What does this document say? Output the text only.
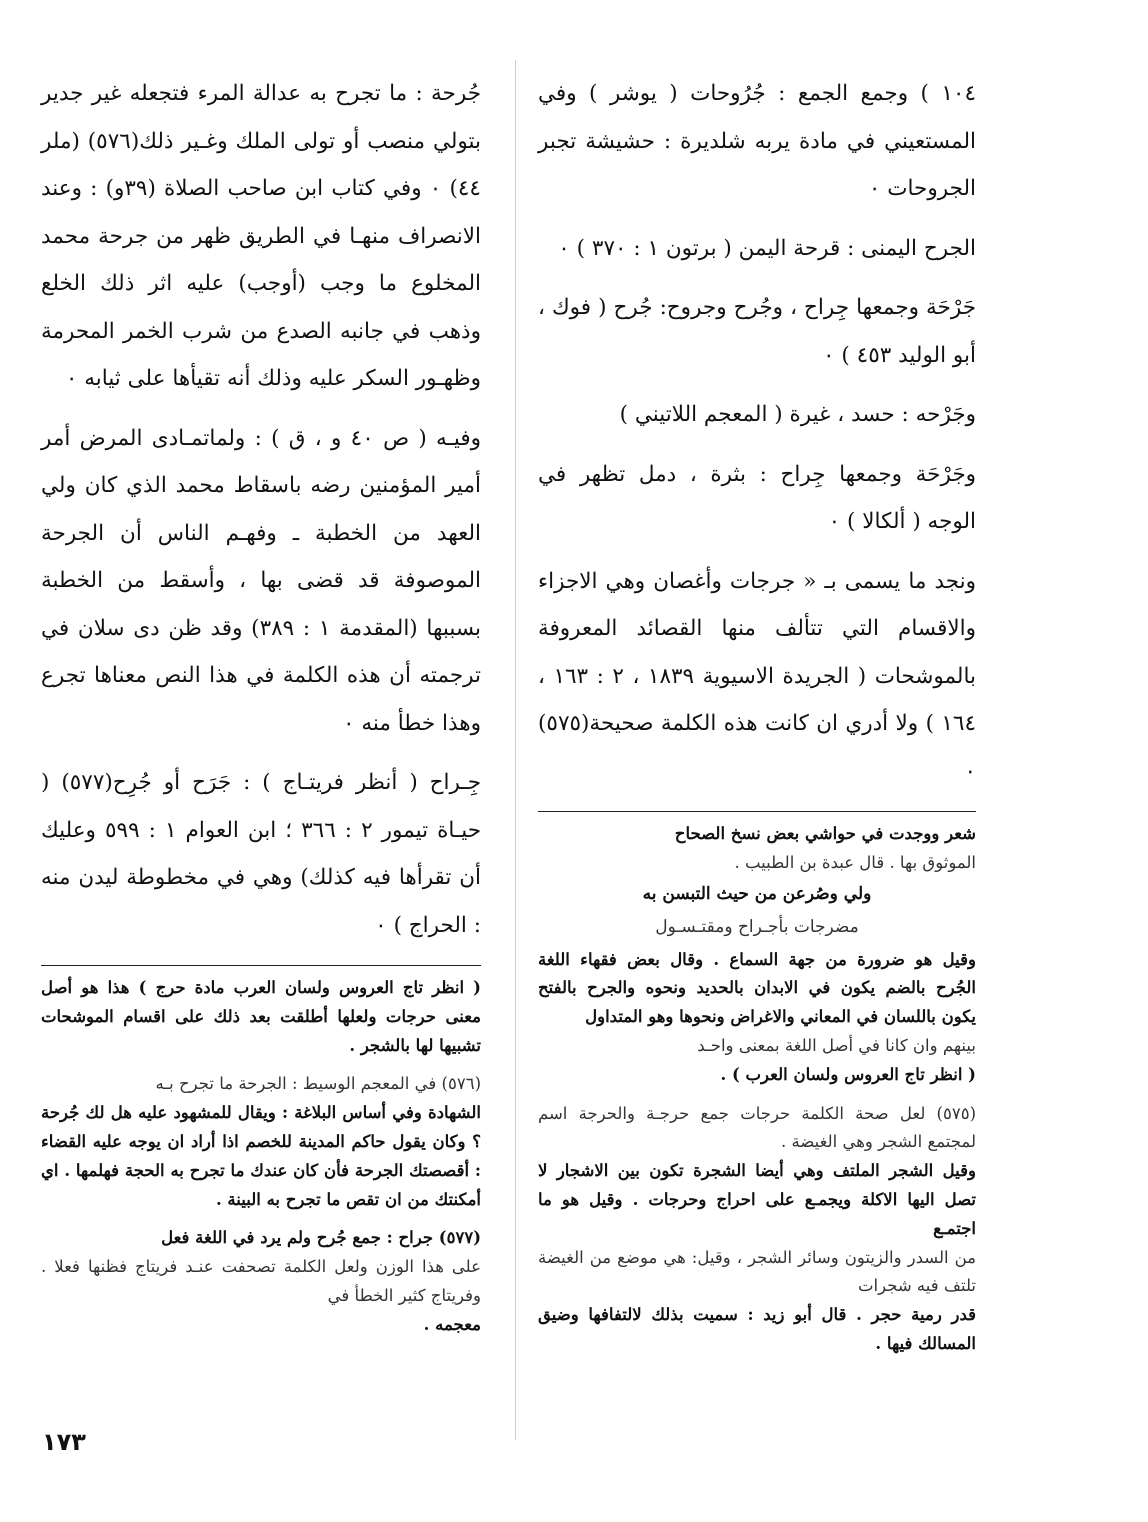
١٠٤ ) وجمع الجمع : جُرُوحات ( يوشر ) وفي المستعيني في مادة يربه شلديرة : حشيشة تجبر الجروحات ٠

الجرح اليمنى : قرحة اليمن ( برتون ١ : ٣٧٠ ) ٠

جَرْحَة وجمعها جِراح ، وجُرح وجروح: جُرح ( فوك ، أبو الوليد ٤٥٣ ) ٠

وجَرْحه : حسد ، غيرة ( المعجم اللاتيني )

وجَرْحَة وجمعها جِراح : بثرة ، دمل تظهر في الوجه ( ألكالا ) ٠

ونجد ما يسمى بـ « جرجات وأغصان وهي الاجزاء والاقسام التي تتألف منها القصائد المعروفة بالموشحات ( الجريدة الاسيوية ١٨٣٩ ، ٢ : ١٦٣ ، ١٦٤ ) ولا أدري ان كانت هذه الكلمة صحيحة(٥٧٥) ٠

شعر ووجدت في حواشي بعض نسخ الصحاح

الموثوق بها . قال عبدة بن الطبيب .

ولي وصُرعن من حيث التبسن به

مضرجات بأجـراح ومقتـسـول

وقيل هو ضرورة من جهة السماع . وقال بعض فقهاء اللغة الجُرح بالضم يكون في الابدان بالحديد ونحوه والجرح بالفتح يكون باللسان في المعاني والاغراض ونحوها وهو المتداول

بينهم وان كانا في أصل اللغة بمعنى واحـد

( انظر تاج العروس ولسان العرب ) .

(٥٧٥) لعل صحة الكلمة حرجات جمع حرجـة والحرجة اسم لمجتمع الشجر وهي الغيضة .

وقيل الشجر الملتف وهي أيضا الشجرة تكون بين الاشجار لا تصل اليها الاكلة ويجمـع على احراج وحرجات . وقيل هو ما اجتمـع

من السدر والزيتون وسائر الشجر ، وقيل: هي موضع من الغيضة تلتف فيه شجرات

قدر رمية حجر . قال أبو زيد : سميت بذلك لالتفافها وضيق المسالك فيها .

جُرحة : ما تجرح به عدالة المرء فتجعله غير جدير بتولي منصب أو تولى الملك وغـير ذلك(٥٧٦) (ملر ٤٤) ٠ وفي كتاب ابن صاحب الصلاة (٣٩و) : وعند الانصراف منهـا في الطريق ظهر من جرحة محمد المخلوع ما وجب (أوجب) عليه اثر ذلك الخلع وذهب في جانبه الصدع من شرب الخمر المحرمة وظهـور السكر عليه وذلك أنه تقيأها على ثيابه ٠

وفيـه ( ص ٤٠ و ، ق ) : ولماتمـادى المرض أمر أمير المؤمنين رضه باسقاط محمد الذي كان ولي العهد من الخطبة ـ وفهـم الناس أن الجرحة الموصوفة قد قضى بها ، وأسقط من الخطبة بسببها (المقدمة ١ : ٣٨٩) وقد ظن دى سلان في ترجمته أن هذه الكلمة في هذا النص معناها تجرع وهذا خطأ منه ٠

جِـراح ( أنظر فريتـاج ) : جَرَح أو جُرِح(٥٧٧) ( حيـاة تيمور ٢ : ٣٦٦ ؛ ابن العوام ١ : ٥٩٩ وعليك أن تقرأها فيه كذلك) وهي في مخطوطة ليدن منه : الحراج ) ٠

( انظر تاج العروس ولسان العرب مادة حرج ) هذا هو أصل معنى حرجات ولعلها أطلقت بعد ذلك على اقسام الموشحات تشبيها لها بالشجر .

(٥٧٦) في المعجم الوسيط : الجرحة ما تجرح بـه

الشهادة وفي أساس البلاغة : ويقال للمشهود عليه هل لك جُرحة ؟ وكان يقول حاكم المدينة للخصم اذا أراد ان يوجه عليه القضاء : أقصصتك الجرحة فأن كان عندك ما تجرح به الحجة فهلمها . اي أمكنتك من ان تقص ما تجرح به البينة .

(٥٧٧) جراح : جمع جُرح ولم يرد في اللغة فعل

على هذا الوزن ولعل الكلمة تصحفت عنـد فريتاج فظنها فعلا . وفريتاج كثير الخطأ في

معجمه .

١٧٣
